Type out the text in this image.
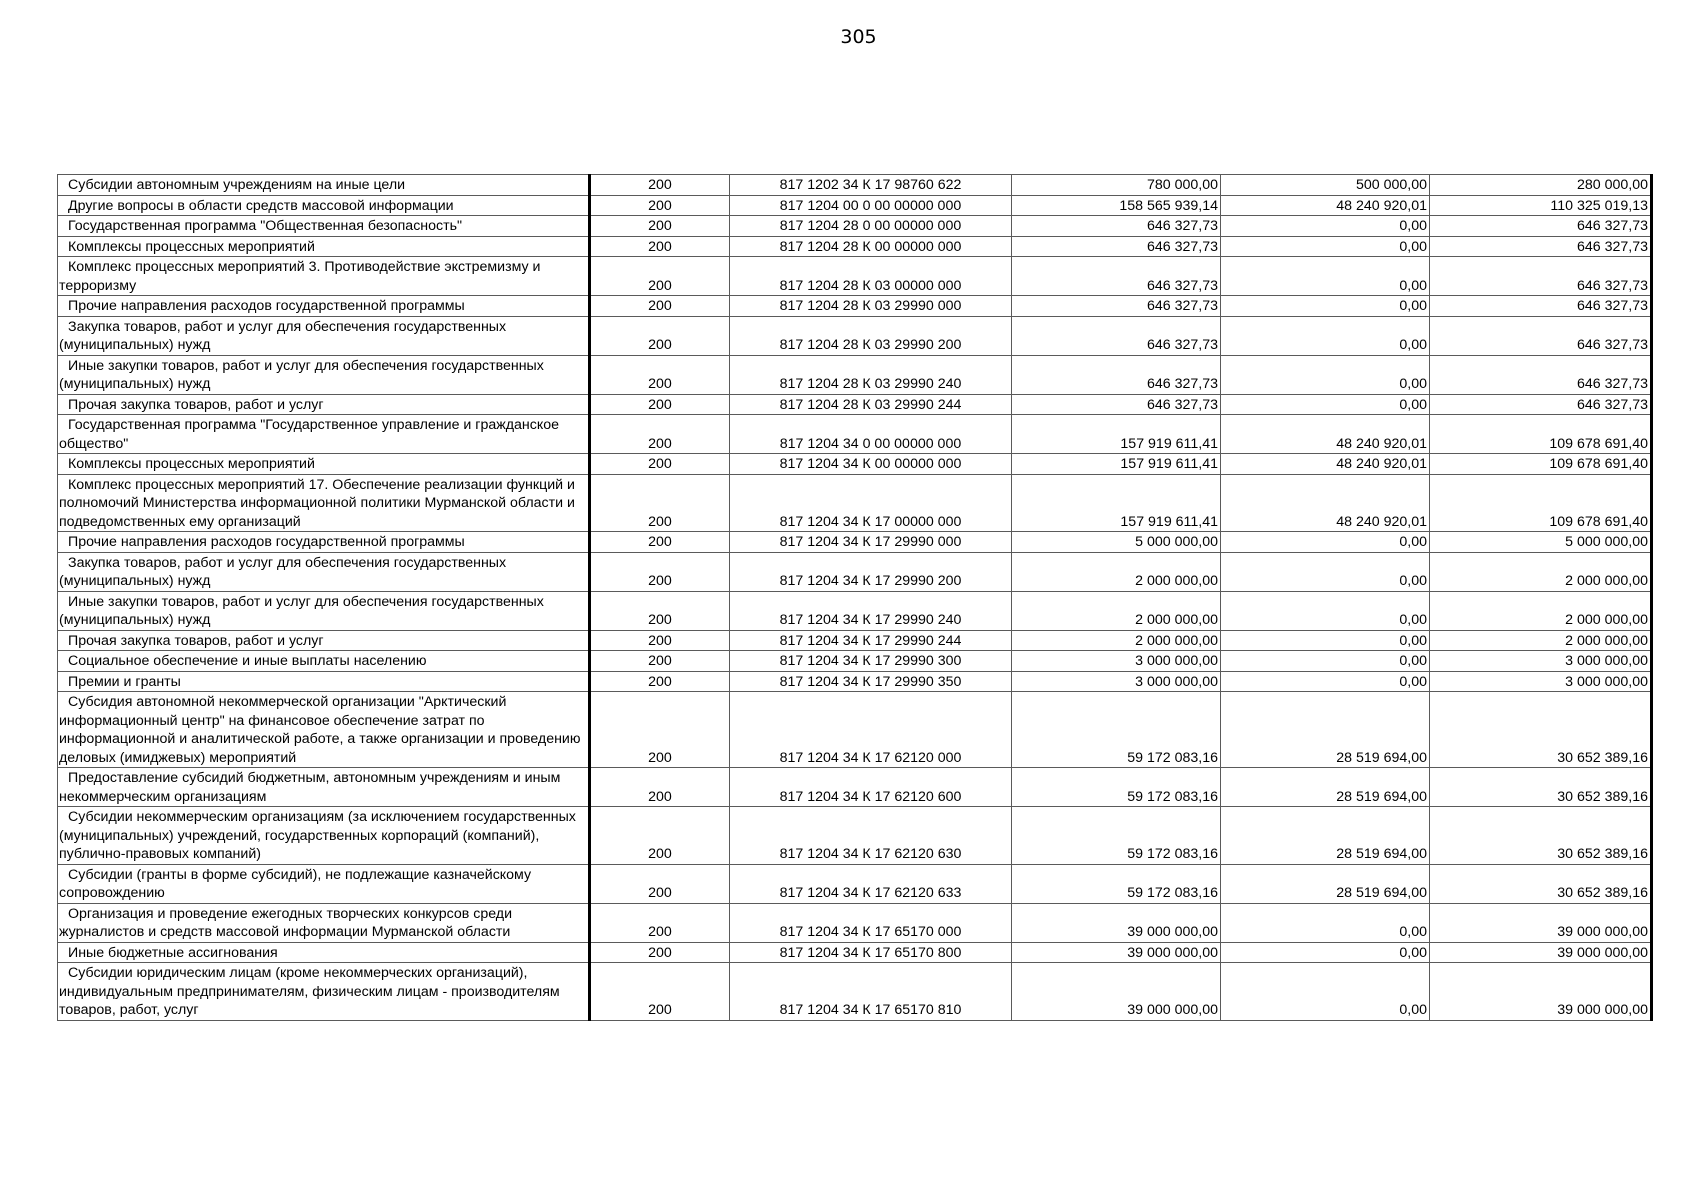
305
Субсидии автономным учреждениям на иные цели	200	817 1202 34 К 17 98760 622	780 000,00	500 000,00	280 000,00
Другие вопросы в области средств массовой информации	200	817 1204 00 0 00 00000 000	158 565 939,14	48 240 920,01	110 325 019,13
Государственная программа "Общественная безопасность"	200	817 1204 28 0 00 00000 000	646 327,73	0,00	646 327,73
Комплексы процессных мероприятий	200	817 1204 28 К 00 00000 000	646 327,73	0,00	646 327,73
Комплекс процессных мероприятий 3. Противодействие экстремизму и терроризму	200	817 1204 28 К 03 00000 000	646 327,73	0,00	646 327,73
Прочие направления расходов государственной программы	200	817 1204 28 К 03 29990 000	646 327,73	0,00	646 327,73
Закупка товаров, работ и услуг для обеспечения государственных (муниципальных) нужд	200	817 1204 28 К 03 29990 200	646 327,73	0,00	646 327,73
Иные закупки товаров, работ и услуг для обеспечения государственных (муниципальных) нужд	200	817 1204 28 К 03 29990 240	646 327,73	0,00	646 327,73
Прочая закупка товаров, работ и услуг	200	817 1204 28 К 03 29990 244	646 327,73	0,00	646 327,73
Государственная программа "Государственное управление и гражданское общество"	200	817 1204 34 0 00 00000 000	157 919 611,41	48 240 920,01	109 678 691,40
Комплексы процессных мероприятий	200	817 1204 34 К 00 00000 000	157 919 611,41	48 240 920,01	109 678 691,40
Комплекс процессных мероприятий 17. Обеспечение реализации функций и полномочий Министерства информационной политики Мурманской области и подведомственных ему организаций	200	817 1204 34 К 17 00000 000	157 919 611,41	48 240 920,01	109 678 691,40
Прочие направления расходов государственной программы	200	817 1204 34 К 17 29990 000	5 000 000,00	0,00	5 000 000,00
Закупка товаров, работ и услуг для обеспечения государственных (муниципальных) нужд	200	817 1204 34 К 17 29990 200	2 000 000,00	0,00	2 000 000,00
Иные закупки товаров, работ и услуг для обеспечения государственных (муниципальных) нужд	200	817 1204 34 К 17 29990 240	2 000 000,00	0,00	2 000 000,00
Прочая закупка товаров, работ и услуг	200	817 1204 34 К 17 29990 244	2 000 000,00	0,00	2 000 000,00
Социальное обеспечение и иные выплаты населению	200	817 1204 34 К 17 29990 300	3 000 000,00	0,00	3 000 000,00
Премии и гранты	200	817 1204 34 К 17 29990 350	3 000 000,00	0,00	3 000 000,00
Субсидия автономной некоммерческой организации "Арктический информационный центр" на финансовое обеспечение затрат по информационной и аналитической работе, а также организации и проведению деловых (имиджевых) мероприятий	200	817 1204 34 К 17 62120 000	59 172 083,16	28 519 694,00	30 652 389,16
Предоставление субсидий бюджетным, автономным учреждениям и иным некоммерческим организациям	200	817 1204 34 К 17 62120 600	59 172 083,16	28 519 694,00	30 652 389,16
Субсидии некоммерческим организациям (за исключением государственных (муниципальных) учреждений, государственных корпораций (компаний), публично-правовых компаний)	200	817 1204 34 К 17 62120 630	59 172 083,16	28 519 694,00	30 652 389,16
Субсидии (гранты в форме субсидий), не подлежащие казначейскому сопровождению	200	817 1204 34 К 17 62120 633	59 172 083,16	28 519 694,00	30 652 389,16
Организация и проведение ежегодных творческих конкурсов среди журналистов и средств массовой информации Мурманской области	200	817 1204 34 К 17 65170 000	39 000 000,00	0,00	39 000 000,00
Иные бюджетные ассигнования	200	817 1204 34 К 17 65170 800	39 000 000,00	0,00	39 000 000,00
Субсидии юридическим лицам (кроме некоммерческих организаций), индивидуальным предпринимателям, физическим лицам - производителям товаров, работ, услуг	200	817 1204 34 К 17 65170 810	39 000 000,00	0,00	39 000 000,00
